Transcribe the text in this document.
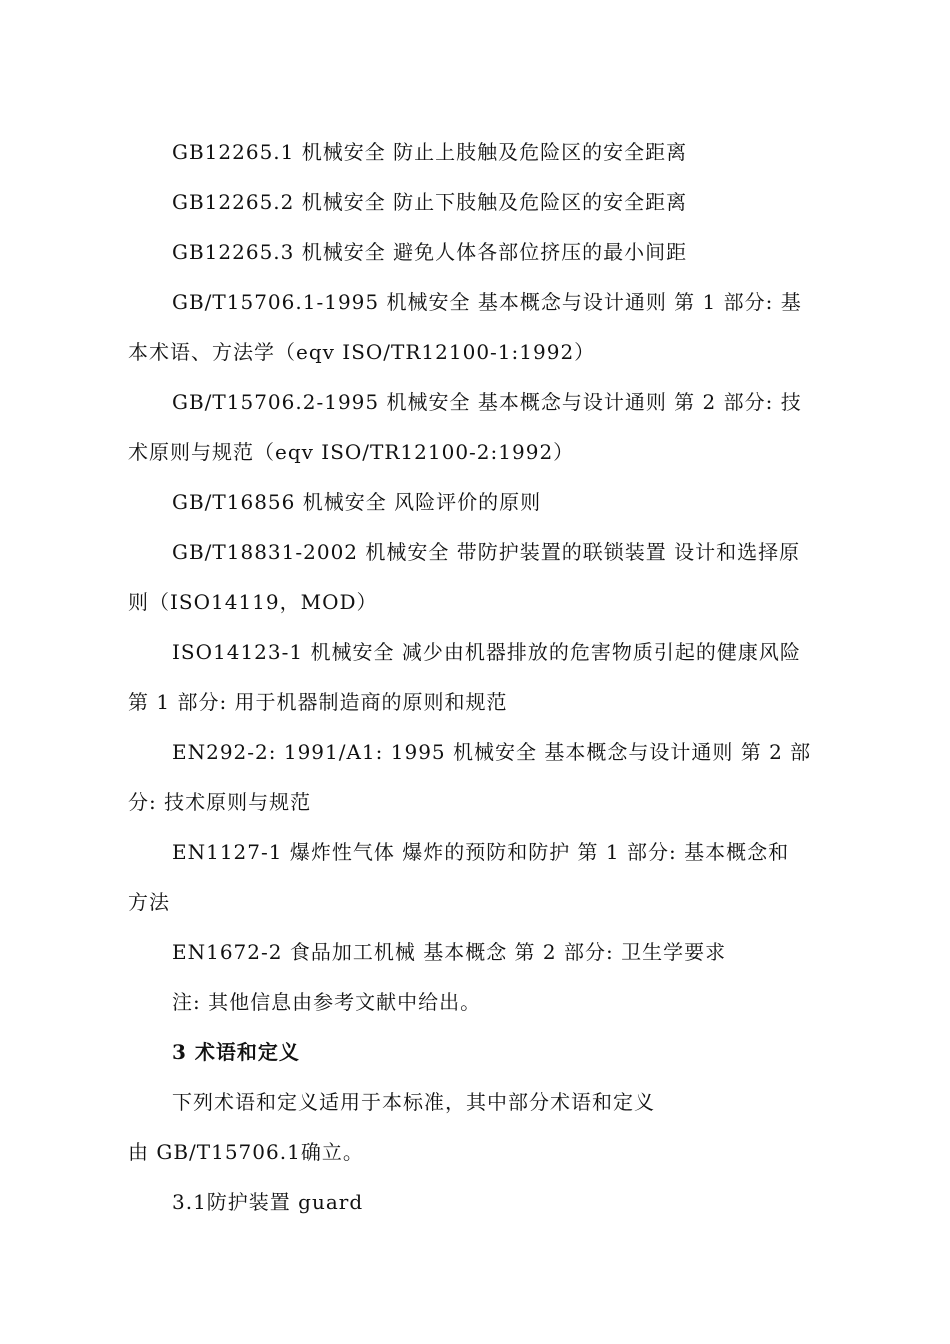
GB12265.1 机械安全 防止上肢触及危险区的安全距离
GB12265.2 机械安全 防止下肢触及危险区的安全距离
GB12265.3 机械安全 避免人体各部位挤压的最小间距
GB/T15706.1-1995 机械安全 基本概念与设计通则 第 1 部分: 基
本术语、方法学（eqv ISO/TR12100-1:1992）
GB/T15706.2-1995 机械安全 基本概念与设计通则 第 2 部分: 技
术原则与规范（eqv ISO/TR12100-2:1992）
GB/T16856 机械安全 风险评价的原则
GB/T18831-2002 机械安全 带防护装置的联锁装置 设计和选择原
则（ISO14119，MOD）
ISO14123-1 机械安全 减少由机器排放的危害物质引起的健康风险
第 1 部分: 用于机器制造商的原则和规范
EN292-2: 1991/A1: 1995 机械安全 基本概念与设计通则 第 2 部
分: 技术原则与规范
EN1127-1 爆炸性气体 爆炸的预防和防护 第 1 部分: 基本概念和
方法
EN1672-2 食品加工机械 基本概念 第 2 部分: 卫生学要求
注: 其他信息由参考文献中给出。
3 术语和定义
下列术语和定义适用于本标准，其中部分术语和定义
由 GB/T15706.1确立。
3.1防护装置 guard
